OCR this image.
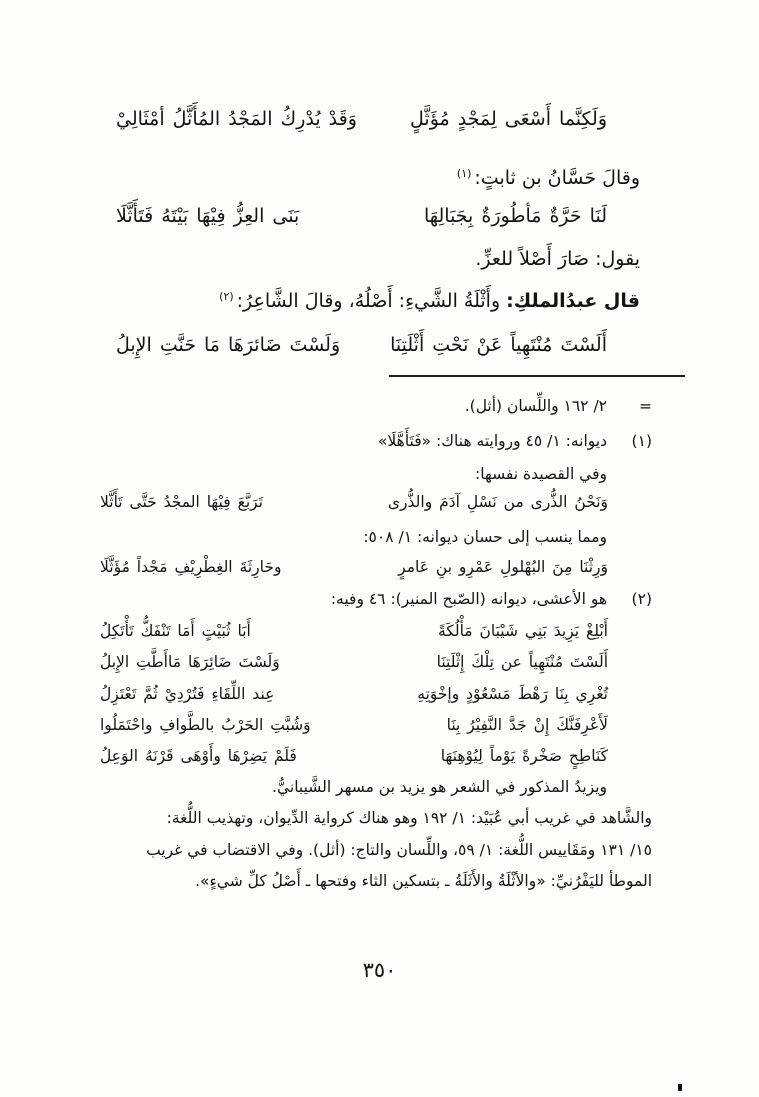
وَلَكِنَّما أَسْعَى لِمَجْدٍ مُؤَثَّلٍ
وَقَدْ يُدْرِكُ المَجْدُ المُأَثَّلُ أمْثَالِيْ
وقالَ حَسَّانُ بن ثابتٍ:$^{(١)}$
لَنَا حَرَّةٌ مَأطُورَةٌ بِجَبَالِهَا
بَنَى العِزُّ فِيْهَا بَيْتَهُ فَتَأَثَّلَا
يقول: صَارَ أَصْلاً للعزِّ.
قال عبدُالملكِ: وأَثْلَةُ الشَّيءِ: أَصْلُهُ، وقالَ الشَّاعِرُ:$^{(٢)}$
أَلَسْتَ مُنْتَهِياً عَنْ نَحْتِ أَثْلَتِنَا
وَلَسْتَ ضَائرَهَا مَا حَنَّتِ الإِبلُ
=
٢/ ١٦٢ واللِّسان (أثل).
(١)
ديوانه: ١/ ٤٥ وروايته هناك: «فَتَأَهَّلَا»
وفي القصيدة نفسها:
وَنَحْنُ الذُّرى من نَسْلِ آدَمَ والذُّرى
تَرَبَّعَ فِيْهَا المجْدُ حَتَّى تَأَثَّلا
ومما ينسب إلى حسان ديوانه: ١/ ٥٠٨:
وَرِثْنَا مِنَ البُهْلولِ عَمْرِو بنِ عَامرٍ
وحَارِثَةَ الغِطْرِيْفِ مَجْداً مُؤَثَّلَا
(٢)
هو الأعشى، ديوانه (الصّبح المنير): ٤٦ وفيه:
أَبْلِغْ يَزِيدَ بَنِي شَيْبَانَ مَأْلُكَةً
أَبَا ثُبَيْتٍ أَمَا تَنْفَكُّ تَأْتَكِلُ
أَلَسْتَ مُنْتَهِياً عن تِلْكَ إِثْلَتِنَا
وَلَسْتَ ضَائِرَهَا مَاأَطَّتِ الإِبلُ
تُغْرِي بِنَا رَهْطَ مَسْعُوْدٍ وإخْوَتِهِ
عِند اللِّقَاءِ فَتُرْدِيْ ثُمَّ تَعْتَزِلُ
لَأَعْرِفَنَّكَ إِنْ جَدَّ النَّفِيْرُ بِنَا
وَشُبَّتِ الحَرْبُ بالطَّوافِ واحْتَمَلُوا
كَنَاطِحٍ صَخْرةً يَوْماً لِيُوْهِنَهَا
فَلَمْ يَضِرْهَا وأَوْهَى قَرْنَهُ الوَعِلُ
ويزيدُ المذكور في الشعر هو يزيد بن مسهر الشَّيبانيُّ.
والشَّاهد في غريب أبي عُبَيْد: ١/ ١٩٢ وهو هناك كرواية الدِّيوان، وتهذيب اللُّغة:
١٥/ ١٣١ ومَقَاييس اللُّغة: ١/ ٥٩، واللِّسان والتاج: (أثل). وفي الاقتضاب في غريب
الموطأ لليَفْرُنيِّ: «والأثْلَةُ والأَثَلَةُ ـ بتسكين الثاء وفتحها ـ أَصْلُ كلِّ شيءٍ».
٣٥٠
